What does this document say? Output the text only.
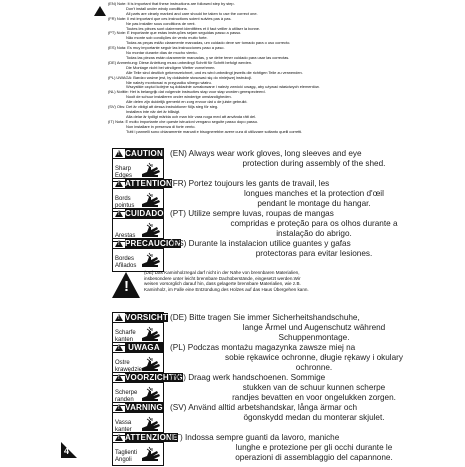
(EN) Note: It is important that these instructions are followed step by step.
Don't install under windy conditions.
All parts are clearly marked and care should be taken to use the correct one.
(FR) Note: Il est important que ces instructions soient suivies pas à pas.
Ne pas installer sous conditions de vent.
Toutes les pièces sont clairement identifiées et il faut veiller à utiliser la bonne.
(PT) Note: É importante que estas instruções sejam seguidas passo a passo.
Não monte sob condições de vento muito forte.
Todas as peças estão claramente marcadas, um cuidado deve ser tomado para o uso correcto.
(ES) Nota: Es muy importante seguir las instrucciones paso a paso.
No montar durante días de mucho viento.
Todas las piezas están claramente marcadas, y se debe tener cuidado para usar las correctas.
(DE) Anmerkung: Diese Anleitung muss unbedingt Schritt für Schritt befolgt werden.
Die Montage nicht bei windigem Wetter vornehmen.
Alle Teile sind deutlich gekennzeichnet, und es wird unbedingt jeweils die richtigen Teile zu verwenden.
(PL) UWAGA: Bardzo ważne jest, by dokładnie stosować się do niniejszej instrukcji.
Nie należy montować w przypadku silnego wiatru.
Wszystkie części kolejne są dokładnie oznakowane i należy zwrócić uwagę, aby używać właściwych elementów.
(NL) Notitie: Het is belangrijk dat volgende instructies stap voor stap worden gerespecteerd.
Nooit de schuur installeren onder winderige omstandigheden.
Alle delen zijn duidelijk gemerkt en zorg ervoor dat u de juiste gebruikt.
(SV) Obs: Det är viktigt att dessa instruktioner följs steg för steg.
Installera inte när det är blåsigt.
Alla delar är tydligt märkta och man bör vara noga med att använda rätt del.
(IT) Nota: È molto importante che queste istruzioni vengano seguite passo dopo passo.
Non installare in presenza di forte vento.
Tutti i pannelli sono chiaramente marcati e bisognerebbe avere cura di utilizzare soltanto quelli corretti.
!
CAUTION
Sharp
Edges
(EN) Always wear work gloves, long sleeves and eye
protection during assembly of the shed.
!
ATTENTION
Bords
pointus
(FR) Portez toujours les gants de travail, les
longues manches et la protection d'œil
pendant le montage du hangar.
!
CUIDADO
Arestas
(PT) Utilize sempre luvas, roupas de mangas
compridas e proteção para os olhos durante a
instalação do abrigo.
!
PRECAUCIÓN
Bordes
Afilados
(ES) Durante la instalacion utilice guantes y gafas
protectoras para evitar lesiones.
!
VORSICHT
Scharfe
kanten
(DE) Bitte tragen Sie immer Sicherheitshandschuhe,
lange Ärmel und Augenschutz während
Schuppenmontage.
!
UWAGA
Ostre
krawędzie
(PL) Podczas montażu magazynka zawsze miej na
sobie rękawice ochronne, długie rękawy i okulary
ochronne.
!
VOORZICHTIG
Scherpe
randen
(NL) Draag werk handschoenen. Sommige
stukken van de schuur kunnen scherpe
randjes bevatten en voor ongelukken zorgen.
!
VARNING
Vassa
kanter
(SV) Använd alltid arbetshandskar, långa ärmar och
ögonskydd medan du monterar skjulet.
!
ATTENZIONE
Taglienti
Angoli
(IT) Indossa sempre guanti da lavoro, maniche
lunghe e protezione per gli occhi durante le
operazioni di assemblaggio del capannone.
!
(DE) Das Kaminholzregal darf nicht in der Nähe von brennbaren Materialien,
insbesondere unter leicht brennbare Dachüberstände, eingesetzt werden.Wir
weisen vorsorglich darauf hin, dass gelagerte brennbare Materialien, wie z.B.
Kaminholz, im Falle eine Entzündung des Holzes auf das Haus Übergehen kann.
4
